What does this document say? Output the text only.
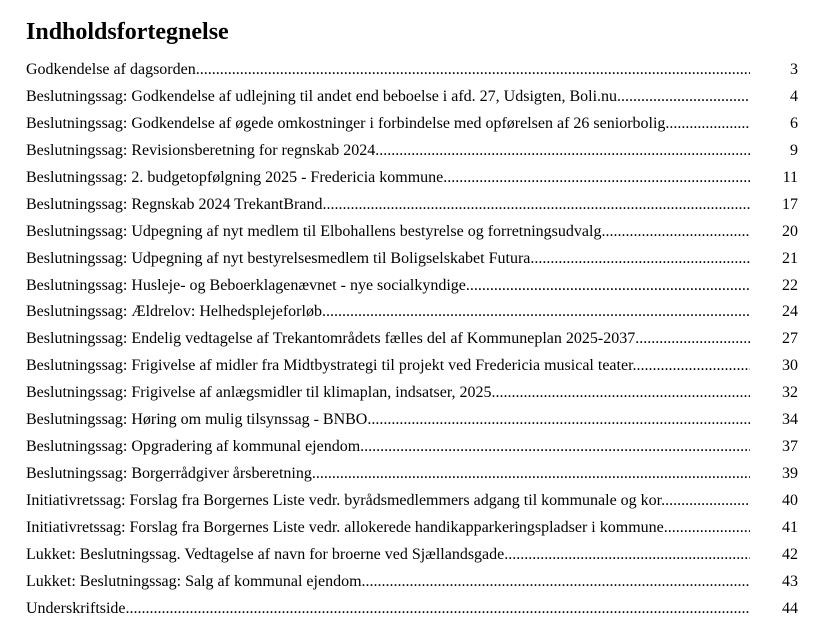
Indholdsfortegnelse
Godkendelse af dagsorden .....	3
Beslutningssag: Godkendelse af udlejning til andet end beboelse i afd. 27, Udsigten, Boli.nu .....	4
Beslutningssag: Godkendelse af øgede omkostninger i forbindelse med opførelsen af 26 seniorbolig .....	6
Beslutningssag: Revisionsberetning for regnskab 2024 .....	9
Beslutningssag: 2. budgetopfølgning 2025 - Fredericia kommune .....	11
Beslutningssag: Regnskab 2024 TrekantBrand .....	17
Beslutningssag: Udpegning af nyt medlem til Elbohallens bestyrelse og forretningsudvalg .....	20
Beslutningssag: Udpegning af nyt bestyrelsesmedlem til Boligselskabet Futura .....	21
Beslutningssag: Husleje- og Beboerklagenævnet - nye socialkyndige .....	22
Beslutningssag: Ældrelov: Helhedsplejeforløb .....	24
Beslutningssag: Endelig vedtagelse af Trekantområdets fælles del af Kommuneplan 2025-2037 .....	27
Beslutningssag: Frigivelse af midler fra Midtbystrategi til projekt ved Fredericia musical teater .....	30
Beslutningssag: Frigivelse af anlægsmidler til klimaplan, indsatser, 2025 .....	32
Beslutningssag: Høring om mulig tilsynssag - BNBO .....	34
Beslutningssag: Opgradering af kommunal ejendom .....	37
Beslutningssag: Borgerrådgiver årsberetning .....	39
Initiativretssag: Forslag fra Borgernes Liste vedr. byrådsmedlemmers adgang til kommunale og kor .....	40
Initiativretssag: Forslag fra Borgernes Liste vedr. allokerede handikapparkeringspladser i kommune .....	41
Lukket: Beslutningssag. Vedtagelse af navn for broerne ved Sjællandsgade .....	42
Lukket: Beslutningssag: Salg af kommunal ejendom .....	43
Underskriftside .....	44
